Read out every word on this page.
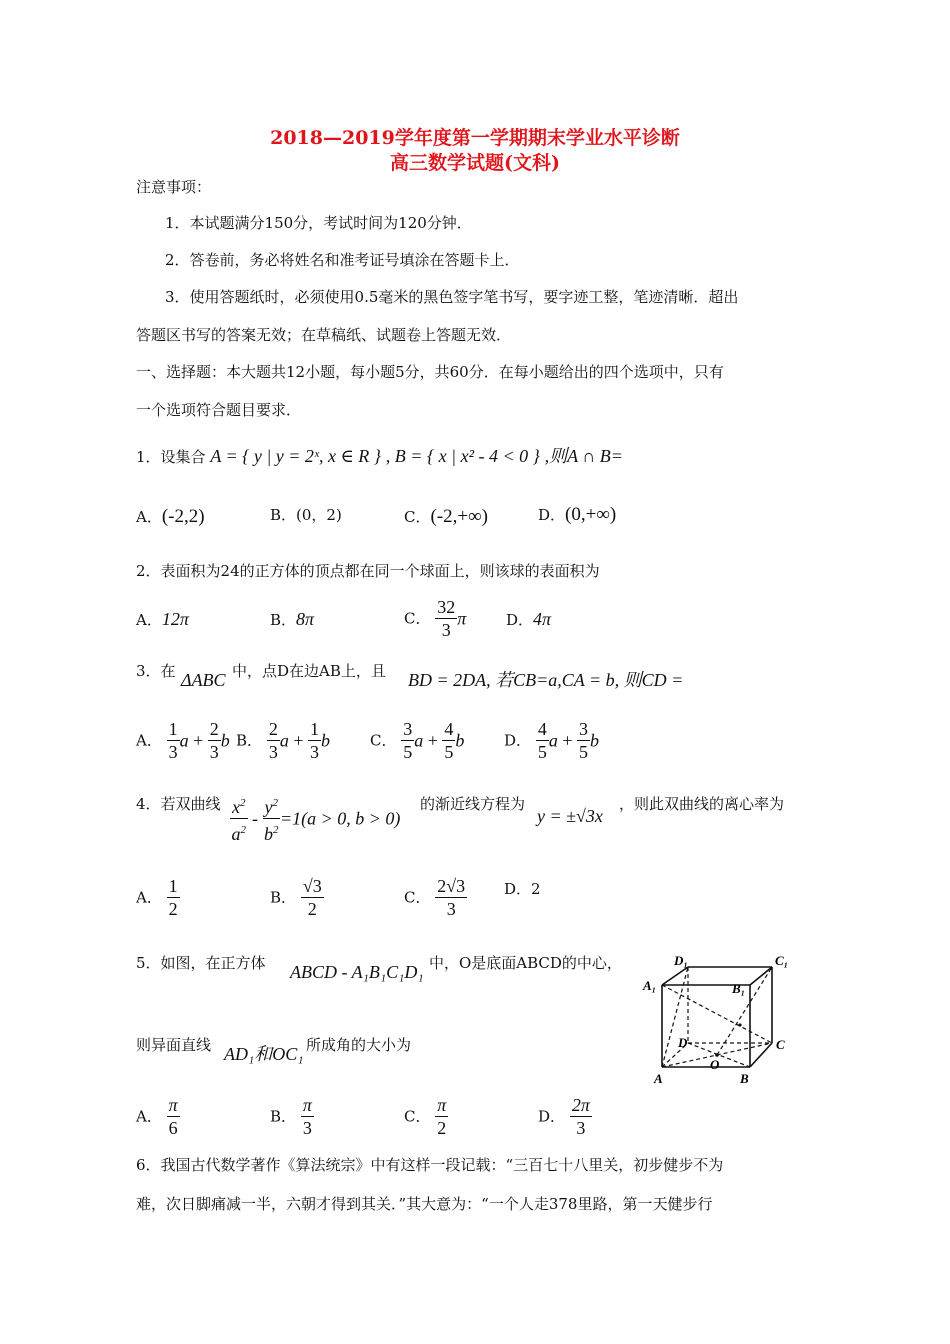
2018—2019学年度第一学期期末学业水平诊断
高三数学试题(文科)
注意事项：
1．本试题满分150分，考试时间为120分钟．
2．答卷前，务必将姓名和准考证号填涂在答题卡上．
3．使用答题纸时，必须使用0.5毫米的黑色签字笔书写，要字迹工整，笔迹清晰．超出
答题区书写的答案无效；在草稿纸、试题卷上答题无效．
一、选择题：本大题共12小题，每小题5分，共60分．在每小题给出的四个选项中，只有
一个选项符合题目要求．
1．设集合 A = { y | y = 2ˣ, x ∈ R } , B = { x | x² - 4 < 0 } ,则A ∩ B=
A．(-2,2)	B．(0，2)	C．(-2,+∞)	D．(0,+∞)
2．表面积为24的正方体的顶点都在同一个球面上，则该球的表面积为
A．12π	B．8π	C． $\frac{32}{3}$ π	D．4π
3．在 ΔABC 中，点D在边AB上，且 BD = 2DA, 若CB=a,CA = b, 则CD =
A． $\frac{1}{3}$ $a + \frac{2}{3}$ b B． $\frac{2}{3}$ $a + \frac{1}{3}$ b	C． $\frac{3}{5}$ $a + \frac{4}{5}$ b	D． $\frac{4}{5}$ $a + \frac{3}{5}$ b
4．若双曲线 $\frac{x^2}{a^2} - \frac{y^2}{b^2} =1(a > 0$, b > 0)
的渐近线方程为
y = ±√3x
，则此双曲线的离心率为
A． $\frac{1}{2}$	B． $\frac{√3}{2}$	C． $\frac{2√3}{3}$ D．2
5．如图，在正方体 ABCD - A₁B₁C₁D₁ 中，O是底面ABCD的中心，
则异面直线 AD₁和OC₁ 所成角的大小为
D₁	C₁
A₁	B₁
D	C
O
A	B
A． $\frac{\pi}{6}$	B． $\frac{\pi}{3}$	C． $\frac{\pi}{2}$	D． $\frac{2\pi}{3}$
6．我国古代数学著作《算法统宗》中有这样一段记载：“三百七十八里关，初步健步不为
难，次日脚痛减一半，六朝才得到其关．”其大意为：“一个人走378里路，第一天健步行
